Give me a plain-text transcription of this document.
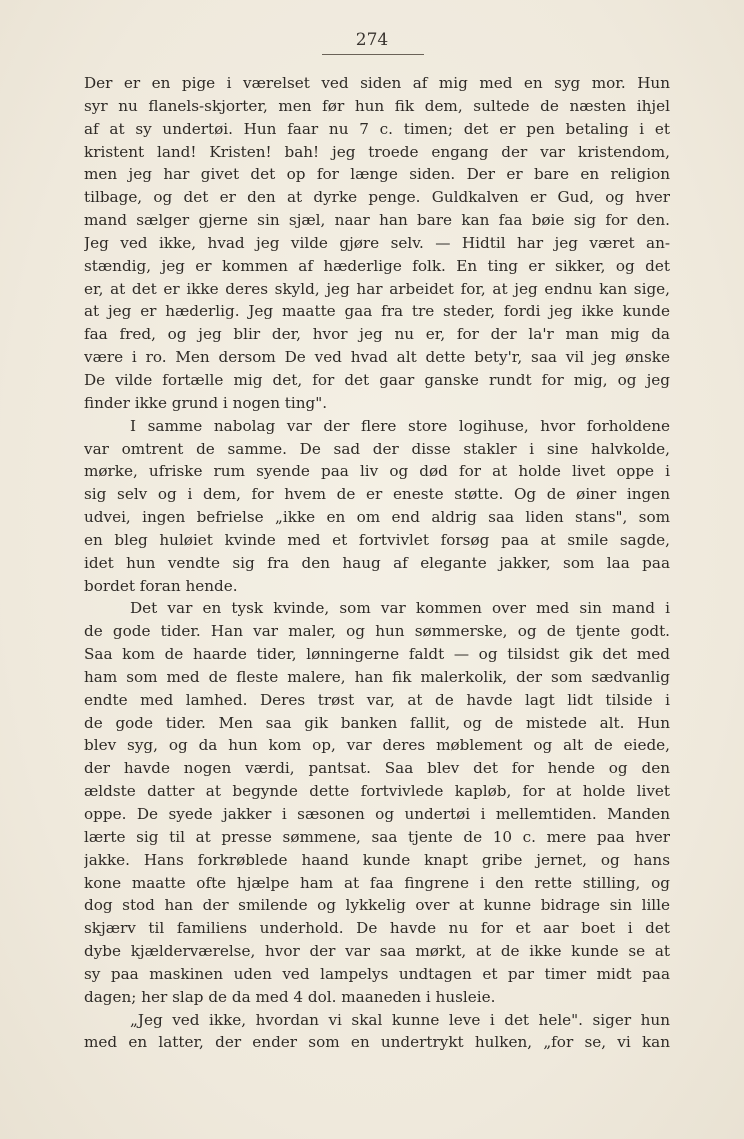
274
Der er en pige i værelset ved siden af mig med en syg mor. Hun
syr nu flanels-skjorter, men før hun fik dem, sultede de næsten ihjel
af at sy undertøi. Hun faar nu 7 c. timen; det er pen betaling i et
kristent land! Kristen! bah! jeg troede engang der var kristendom,
men jeg har givet det op for længe siden. Der er bare en religion
tilbage, og det er den at dyrke penge. Guldkalven er Gud, og hver
mand sælger gjerne sin sjæl, naar han bare kan faa bøie sig for den.
Jeg ved ikke, hvad jeg vilde gjøre selv. — Hidtil har jeg været an-
stændig, jeg er kommen af hæderlige folk. En ting er sikker, og det
er, at det er ikke deres skyld, jeg har arbeidet for, at jeg endnu kan sige,
at jeg er hæderlig. Jeg maatte gaa fra tre steder, fordi jeg ikke kunde
faa fred, og jeg blir der, hvor jeg nu er, for der la'r man mig da
være i ro. Men dersom De ved hvad alt dette bety'r, saa vil jeg ønske
De vilde fortælle mig det, for det gaar ganske rundt for mig, og jeg
finder ikke grund i nogen ting".
I samme nabolag var der flere store logihuse, hvor forholdene
var omtrent de samme. De sad der disse stakler i sine halvkolde,
mørke, ufriske rum syende paa liv og død for at holde livet oppe i
sig selv og i dem, for hvem de er eneste støtte. Og de øiner ingen
udvei, ingen befrielse „ikke en om end aldrig saa liden stans", som
en bleg huløiet kvinde med et fortvivlet forsøg paa at smile sagde,
idet hun vendte sig fra den haug af elegante jakker, som laa paa
bordet foran hende.
Det var en tysk kvinde, som var kommen over med sin mand i
de gode tider. Han var maler, og hun sømmerske, og de tjente godt.
Saa kom de haarde tider, lønningerne faldt — og tilsidst gik det med
ham som med de fleste malere, han fik malerkolik, der som sædvanlig
endte med lamhed. Deres trøst var, at de havde lagt lidt tilside i
de gode tider. Men saa gik banken fallit, og de mistede alt. Hun
blev syg, og da hun kom op, var deres møblement og alt de eiede,
der havde nogen værdi, pantsat. Saa blev det for hende og den
ældste datter at begynde dette fortvivlede kapløb, for at holde livet
oppe. De syede jakker i sæsonen og undertøi i mellemtiden. Manden
lærte sig til at presse sømmene, saa tjente de 10 c. mere paa hver
jakke. Hans forkrøblede haand kunde knapt gribe jernet, og hans
kone maatte ofte hjælpe ham at faa fingrene i den rette stilling, og
dog stod han der smilende og lykkelig over at kunne bidrage sin lille
skjærv til familiens underhold. De havde nu for et aar boet i det
dybe kjælderværelse, hvor der var saa mørkt, at de ikke kunde se at
sy paa maskinen uden ved lampelys undtagen et par timer midt paa
dagen; her slap de da med 4 dol. maaneden i husleie.
„Jeg ved ikke, hvordan vi skal kunne leve i det hele". siger hun
med en latter, der ender som en undertrykt hulken, „for se, vi kan
